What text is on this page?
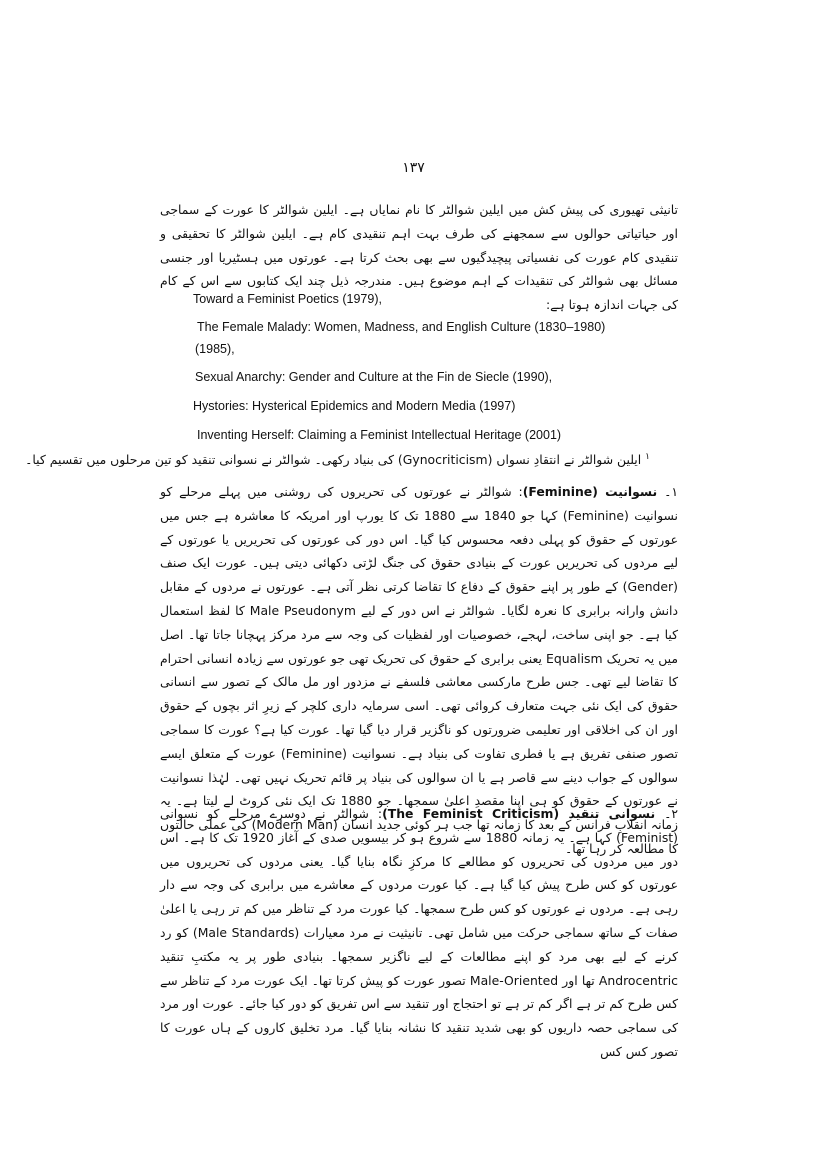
۱۳۷

تانیثی تھیوری کی پیش کش میں ایلین شوالٹر کا نام نمایاں ہے۔ ایلین شوالٹر کا عورت کے سماجی اور حیاتیاتی حوالوں سے سمجھنے کی طرف بہت اہم تنقیدی کام ہے۔ ایلین شوالٹر کا تحقیقی و تنقیدی کام عورت کی نفسیاتی پیچیدگیوں سے بھی بحث کرتا ہے۔ عورتوں میں ہسٹیریا اور جنسی مسائل بھی شوالٹر کی تنقیدات کے اہم موضوع ہیں۔ مندرجہ ذیل چند ایک کتابوں سے اس کے کام کی جہات اندازہ ہوتا ہے:

Toward a Feminist Poetics (1979),

The Female Malady: Women, Madness, and English Culture (1830–1980)

(1985),

Sexual Anarchy: Gender and Culture at the Fin de Siecle (1990),

Hystories: Hysterical Epidemics and Modern Media (1997)

Inventing Herself: Claiming a Feminist Intellectual Heritage (2001)

$^۱$ ایلین شوالٹر نے انتقادِ نسواں (Gynocriticism) کی بنیاد رکھی۔ شوالٹر نے نسوانی تنقید کو تین مرحلوں میں تقسیم کیا۔

۱۔ نسوانیت (Feminine): شوالٹر نے عورتوں کی تحریروں کی روشنی میں پہلے مرحلے کو نسوانیت (Feminine) کہا جو 1840 سے 1880 تک کا یورپ اور امریکہ کا معاشرہ ہے جس میں عورتوں کے حقوق کو پہلی دفعہ محسوس کیا گیا۔ اس دور کی عورتوں کی تحریریں یا عورتوں کے لیے مردوں کی تحریریں عورت کے بنیادی حقوق کی جنگ لڑتی دکھائی دیتی ہیں۔ عورت ایک صنف (Gender) کے طور پر اپنے حقوق کے دفاع کا تقاضا کرتی نظر آتی ہے۔ عورتوں نے مردوں کے مقابل دانش وارانہ برابری کا نعرہ لگایا۔ شوالٹر نے اس دور کے لیے Male Pseudonym کا لفظ استعمال کیا ہے۔ جو اپنی ساخت، لہجے، خصوصیات اور لفظیات کی وجہ سے مرد مرکز پہچانا جاتا تھا۔ اصل میں یہ تحریک Equalism یعنی برابری کے حقوق کی تحریک تھی جو عورتوں سے زیادہ انسانی احترام کا تقاضا لیے تھی۔ جس طرح مارکسی معاشی فلسفے نے مزدور اور مل مالک کے تصور سے انسانی حقوق کی ایک نئی جہت متعارف کروائی تھی۔ اسی سرمایہ داری کلچر کے زیرِ اثر بچوں کے حقوق اور ان کی اخلاقی اور تعلیمی ضرورتوں کو ناگزیر قرار دیا گیا تھا۔ عورت کیا ہے؟ عورت کا سماجی تصور صنفی تفریق ہے یا فطری تفاوت کی بنیاد ہے۔ نسوانیت (Feminine) عورت کے متعلق ایسے سوالوں کے جواب دینے سے قاصر ہے یا ان سوالوں کی بنیاد پر قائم تحریک نہیں تھی۔ لہٰذا نسوانیت نے عورتوں کے حقوق کو ہی اپنا مقصدِ اعلیٰ سمجھا۔ جو 1880 تک ایک نئی کروٹ لے لیتا ہے۔ یہ زمانہ انقلابِ فرانس کے بعد کا زمانہ تھا جب ہر کوئی جدید انسان (Modern Man) کی عملی حالتوں کا مطالعہ کر رہا تھا۔

۲۔ نسوانی تنقید (The Feminist Criticism): شوالٹر نے دوسرے مرحلے کو نسوانی (Feminist) کہا ہے۔ یہ زمانہ 1880 سے شروع ہو کر بیسویں صدی کے آغاز 1920 تک کا ہے۔ اس دور میں مردوں کی تحریروں کو مطالعے کا مرکزِ نگاہ بنایا گیا۔ یعنی مردوں کی تحریروں میں عورتوں کو کس طرح پیش کیا گیا ہے۔ کیا عورت مردوں کے معاشرے میں برابری کی وجہ سے دار رہی ہے۔ مردوں نے عورتوں کو کس طرح سمجھا۔ کیا عورت مرد کے تناظر میں کم تر رہی یا اعلیٰ صفات کے ساتھ سماجی حرکت میں شامل تھی۔ تانیثیت نے مرد معیارات (Male Standards) کو رد کرنے کے لیے بھی مرد کو اپنے مطالعات کے لیے ناگزیر سمجھا۔ بنیادی طور پر یہ مکتبِ تنقید Androcentric تھا اور Male-Oriented تصور عورت کو پیش کرتا تھا۔ ایک عورت مرد کے تناظر سے کس طرح کم تر ہے اگر کم تر ہے تو احتجاج اور تنقید سے اس تفریق کو دور کیا جائے۔ عورت اور مرد کی سماجی حصہ داریوں کو بھی شدید تنقید کا نشانہ بنایا گیا۔ مرد تخلیق کاروں کے ہاں عورت کا تصور کس کس
